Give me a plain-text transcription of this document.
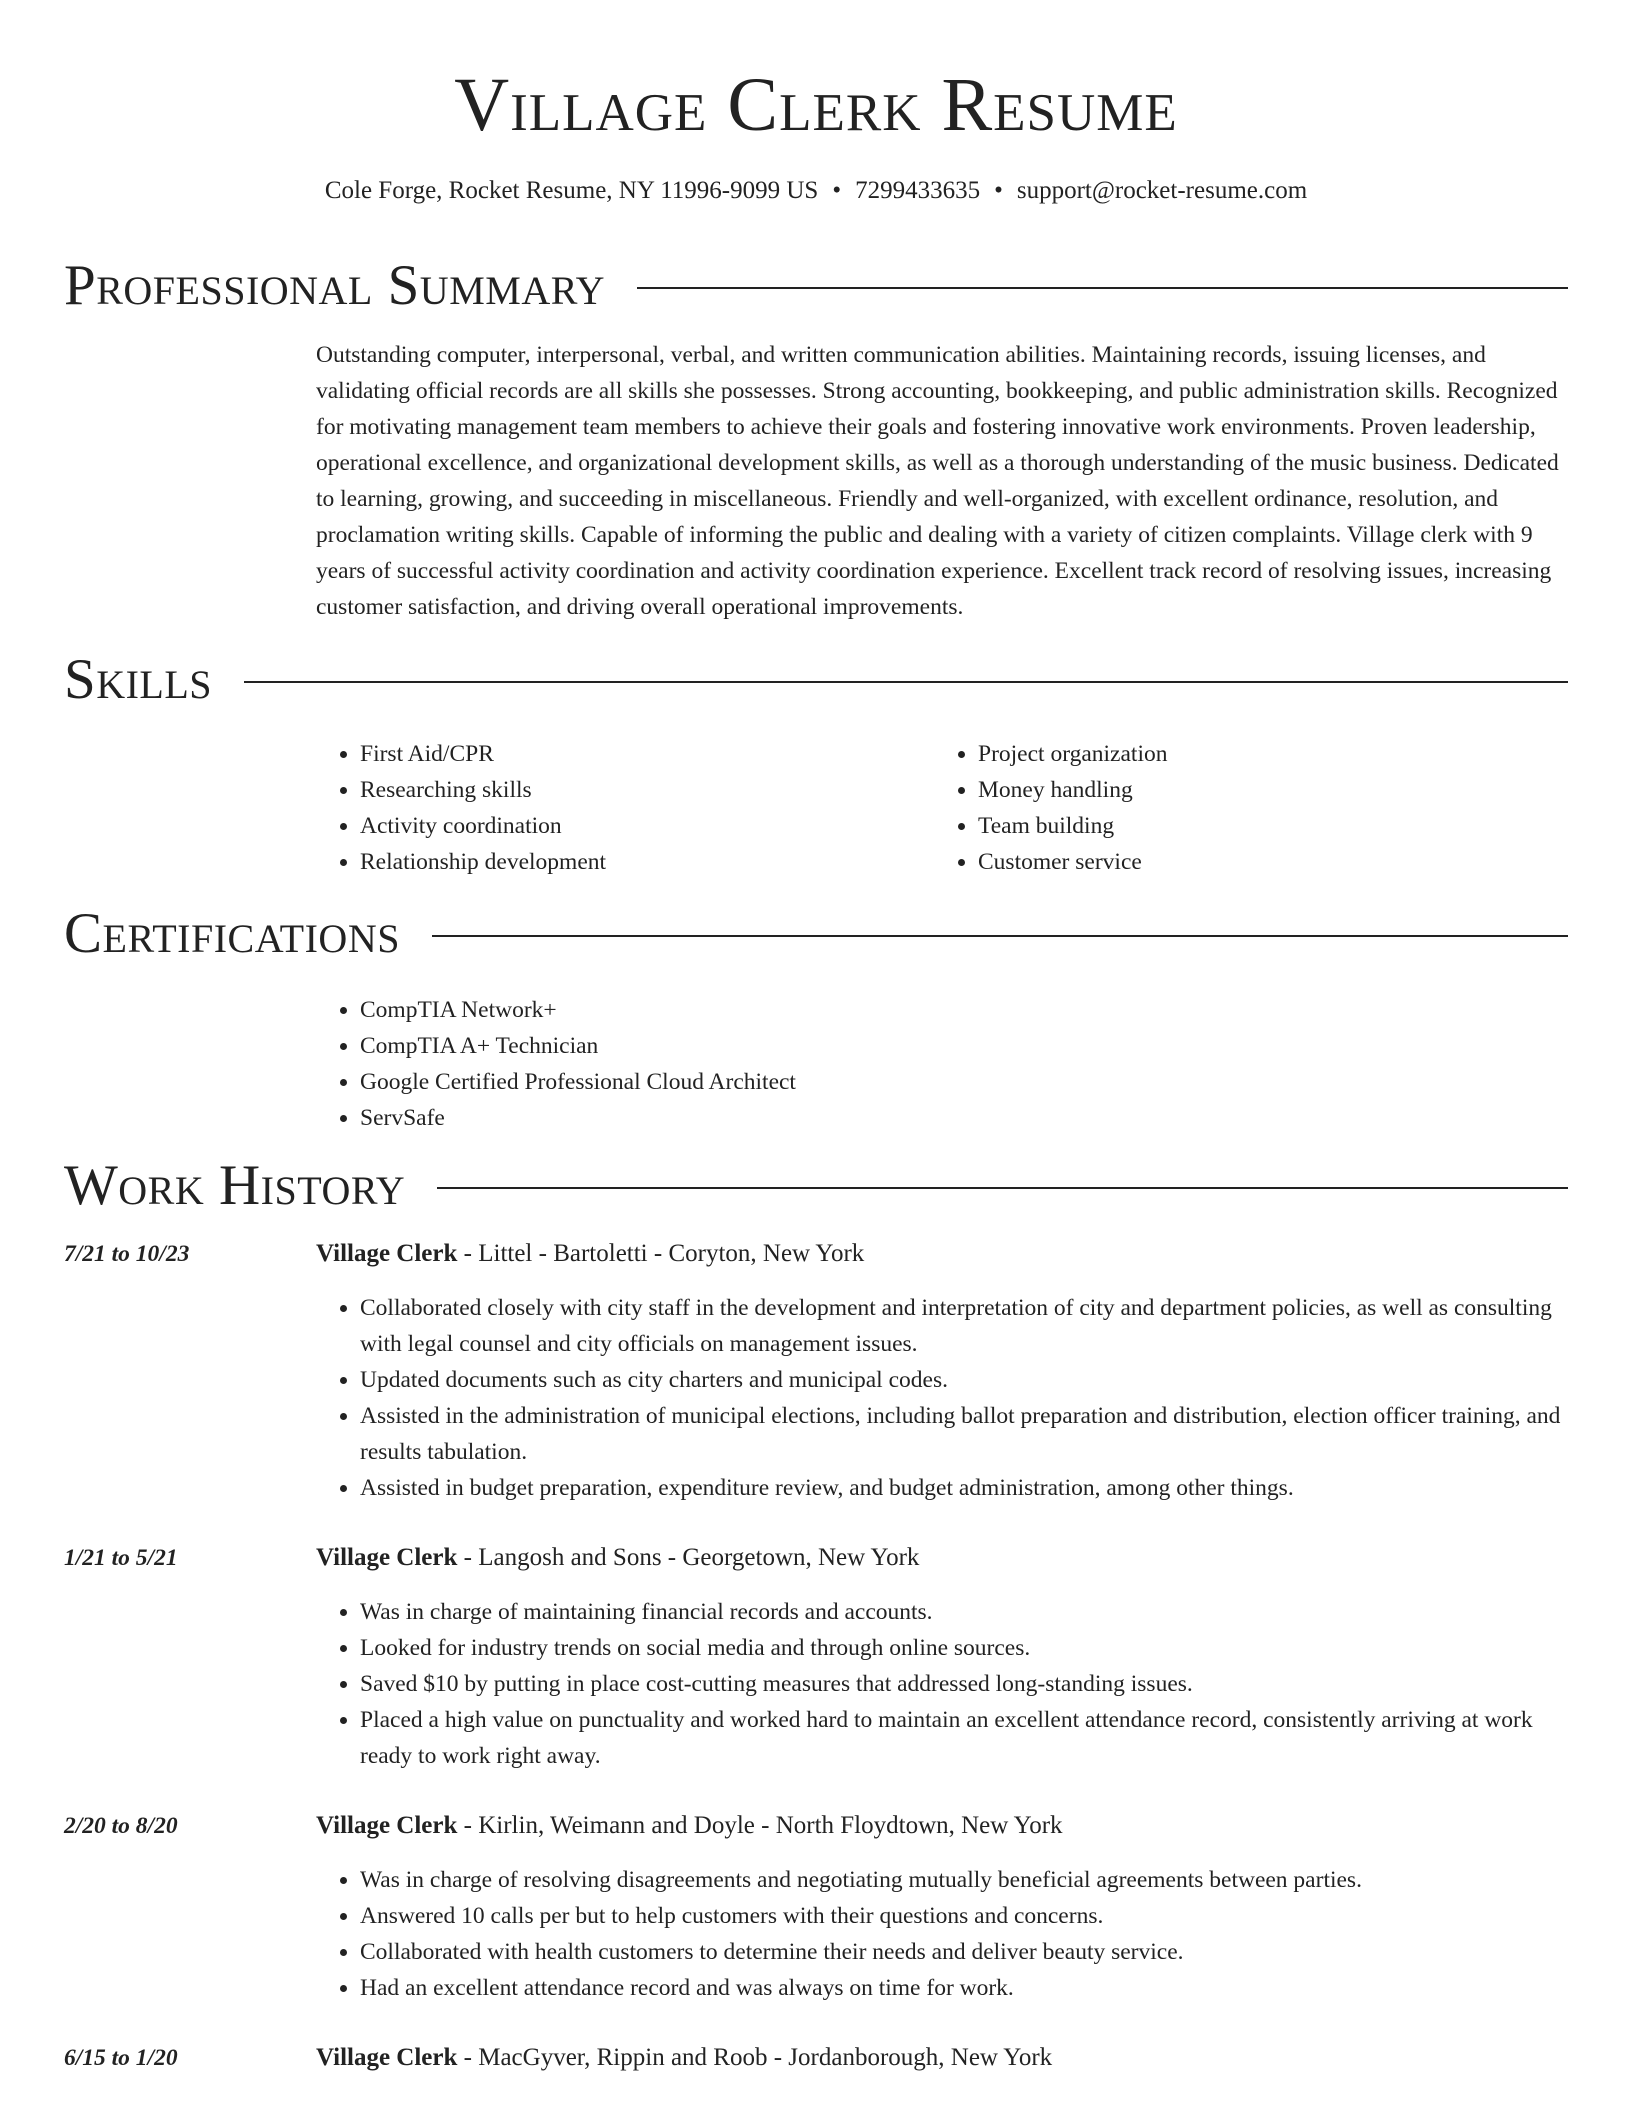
Village Clerk Resume
Cole Forge, Rocket Resume, NY 11996-9099 US • 7299433635 • support@rocket-resume.com
Professional Summary

Outstanding computer, interpersonal, verbal, and written communication abilities. Maintaining records, issuing licenses, and validating official records are all skills she possesses. Strong accounting, bookkeeping, and public administration skills. Recognized for motivating management team members to achieve their goals and fostering innovative work environments. Proven leadership, operational excellence, and organizational development skills, as well as a thorough understanding of the music business. Dedicated to learning, growing, and succeeding in miscellaneous. Friendly and well-organized, with excellent ordinance, resolution, and proclamation writing skills. Capable of informing the public and dealing with a variety of citizen complaints. Village clerk with 9 years of successful activity coordination and activity coordination experience. Excellent track record of resolving issues, increasing customer satisfaction, and driving overall operational improvements.

Skills
• First Aid/CPR
• Researching skills
• Activity coordination
• Relationship development
• Project organization
• Money handling
• Team building
• Customer service
Certifications
• CompTIA Network+
• CompTIA A+ Technician
• Google Certified Professional Cloud Architect
• ServSafe
Work History
7/21 to 10/23	Village Clerk - Littel - Bartoletti - Coryton, New York
• Collaborated closely with city staff in the development and interpretation of city and department policies, as well as consulting with legal counsel and city officials on management issues.
• Updated documents such as city charters and municipal codes.
• Assisted in the administration of municipal elections, including ballot preparation and distribution, election officer training, and results tabulation.
• Assisted in budget preparation, expenditure review, and budget administration, among other things.
1/21 to 5/21	Village Clerk - Langosh and Sons - Georgetown, New York
• Was in charge of maintaining financial records and accounts.
• Looked for industry trends on social media and through online sources.
• Saved $10 by putting in place cost-cutting measures that addressed long-standing issues.
• Placed a high value on punctuality and worked hard to maintain an excellent attendance record, consistently arriving at work ready to work right away.
2/20 to 8/20	Village Clerk - Kirlin, Weimann and Doyle - North Floydtown, New York
• Was in charge of resolving disagreements and negotiating mutually beneficial agreements between parties.
• Answered 10 calls per but to help customers with their questions and concerns.
• Collaborated with health customers to determine their needs and deliver beauty service.
• Had an excellent attendance record and was always on time for work.
6/15 to 1/20	Village Clerk - MacGyver, Rippin and Roob - Jordanborough, New York
